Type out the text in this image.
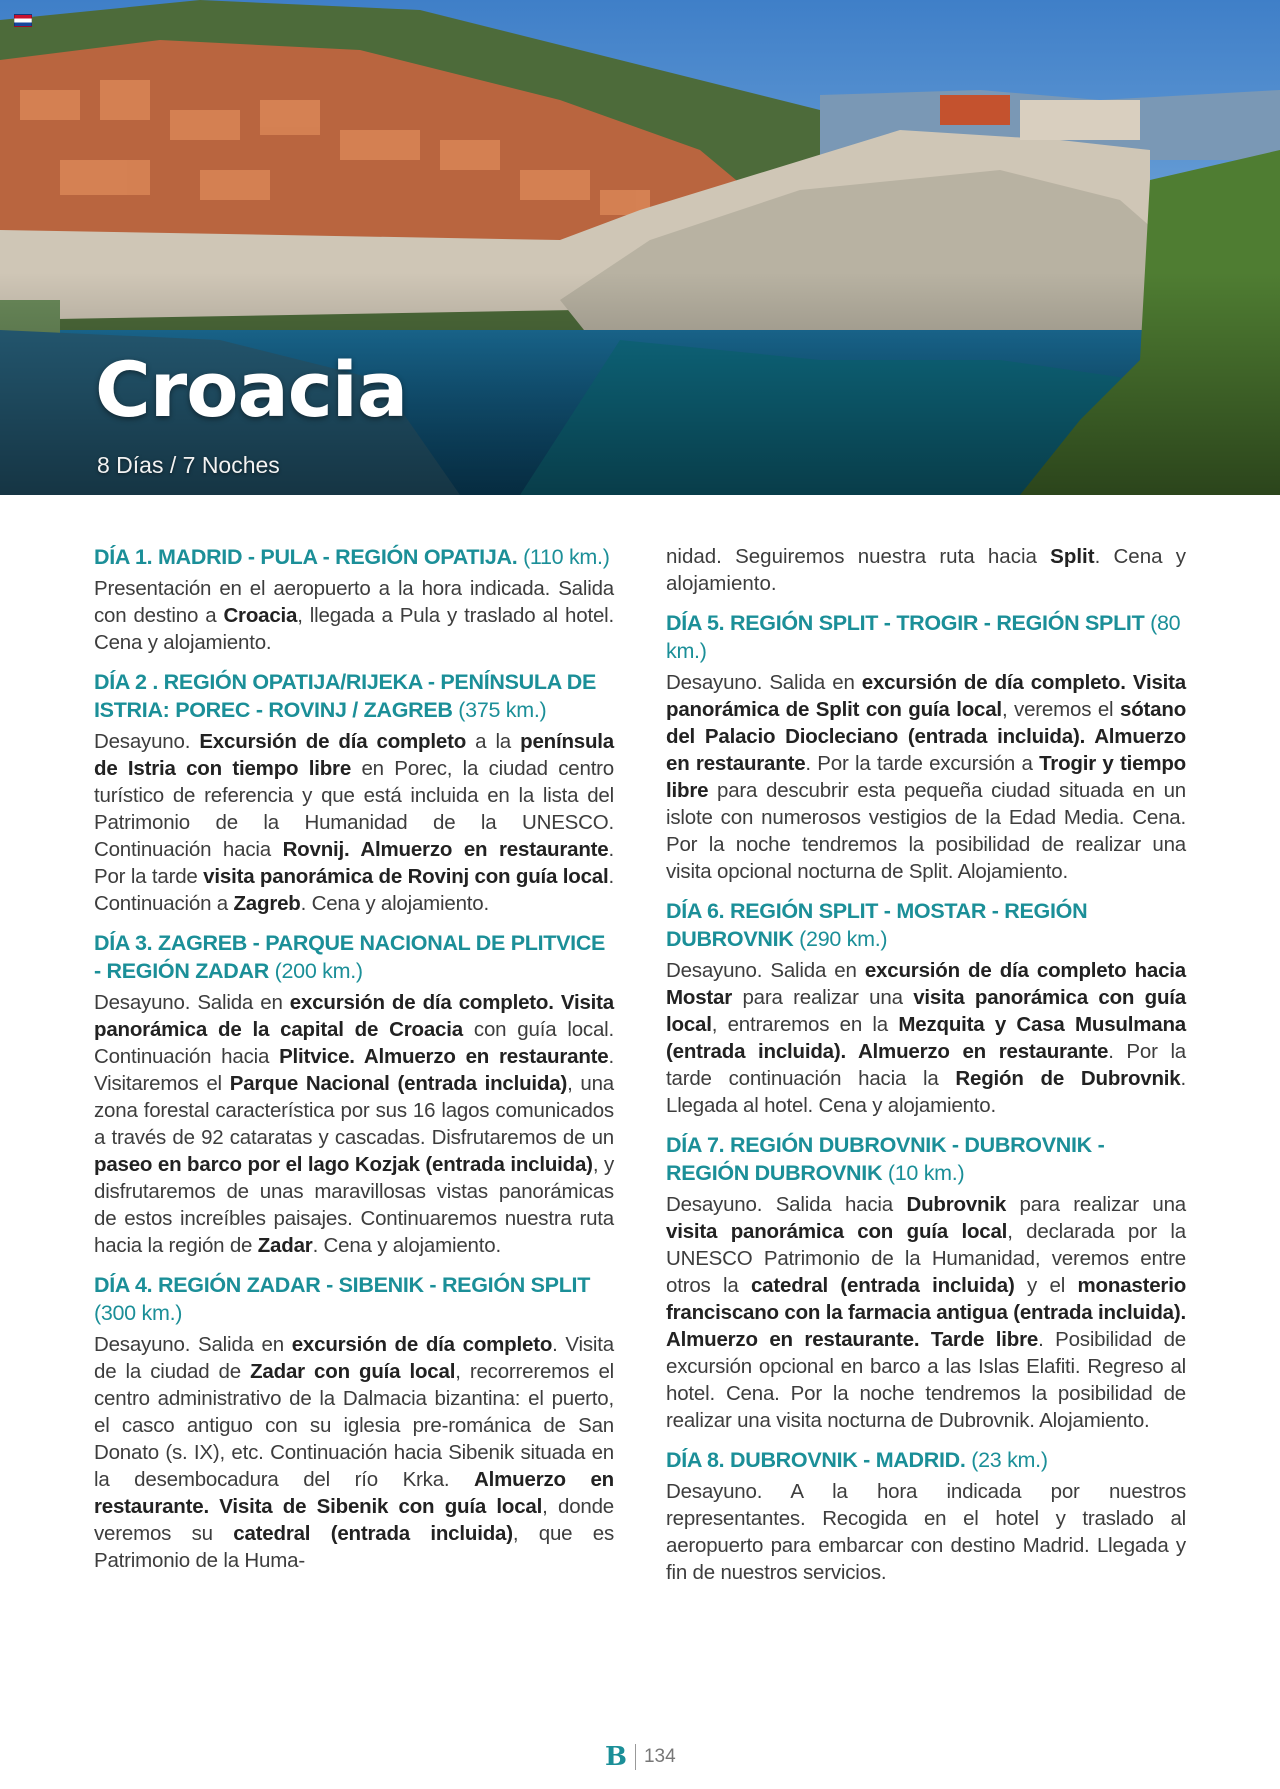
Croacia
8 Días / 7 Noches
DÍA 1. MADRID - PULA - REGIÓN OPATIJA. (110 km.)

Presentación en el aeropuerto a la hora indicada. Salida con destino a Croacia, llegada a Pula y traslado al hotel. Cena y alojamiento.

DÍA 2 . REGIÓN OPATIJA/RIJEKA - PENÍNSULA DE ISTRIA: POREC - ROVINJ / ZAGREB (375 km.)

Desayuno. Excursión de día completo a la península de Istria con tiempo libre en Porec, la ciudad centro turístico de referencia y que está incluida en la lista del Patrimonio de la Humanidad de la UNESCO. Continuación hacia Rovnij. Almuerzo en restaurante. Por la tarde visita panorámica de Rovinj con guía local. Continuación a Zagreb. Cena y alojamiento.

DÍA 3. ZAGREB - PARQUE NACIONAL DE PLITVICE - REGIÓN ZADAR (200 km.)

Desayuno. Salida en excursión de día completo. Visita panorámica de la capital de Croacia con guía local. Continuación hacia Plitvice. Almuerzo en restaurante. Visitaremos el Parque Nacional (entrada incluida), una zona forestal característica por sus 16 lagos comunicados a través de 92 cataratas y cascadas. Disfrutaremos de un paseo en barco por el lago Kozjak (entrada incluida), y disfrutaremos de unas maravillosas vistas panorámicas de estos increíbles paisajes. Continuaremos nuestra ruta hacia la región de Zadar. Cena y alojamiento.

DÍA 4. REGIÓN ZADAR - SIBENIK - REGIÓN SPLIT (300 km.)

Desayuno. Salida en excursión de día completo. Visita de la ciudad de Zadar con guía local, recorreremos el centro administrativo de la Dalmacia bizantina: el puerto, el casco antiguo con su iglesia pre-románica de San Donato (s. IX), etc. Continuación hacia Sibenik situada en la desembocadura del río Krka. Almuerzo en restaurante. Visita de Sibenik con guía local, donde veremos su catedral (entrada incluida), que es Patrimonio de la Huma-

nidad. Seguiremos nuestra ruta hacia Split. Cena y alojamiento.

DÍA 5. REGIÓN SPLIT - TROGIR - REGIÓN SPLIT (80 km.)

Desayuno. Salida en excursión de día completo. Visita panorámica de Split con guía local, veremos el sótano del Palacio Diocleciano (entrada incluida). Almuerzo en restaurante. Por la tarde excursión a Trogir y tiempo libre para descubrir esta pequeña ciudad situada en un islote con numerosos vestigios de la Edad Media. Cena. Por la noche tendremos la posibilidad de realizar una visita opcional nocturna de Split. Alojamiento.

DÍA 6. REGIÓN SPLIT - MOSTAR - REGIÓN DUBROVNIK (290 km.)

Desayuno. Salida en excursión de día completo hacia Mostar para realizar una visita panorámica con guía local, entraremos en la Mezquita y Casa Musulmana (entrada incluida). Almuerzo en restaurante. Por la tarde continuación hacia la Región de Dubrovnik. Llegada al hotel. Cena y alojamiento.

DÍA 7. REGIÓN DUBROVNIK - DUBROVNIK - REGIÓN DUBROVNIK (10 km.)

Desayuno. Salida hacia Dubrovnik para realizar una visita panorámica con guía local, declarada por la UNESCO Patrimonio de la Humanidad, veremos entre otros la catedral (entrada incluida) y el monasterio franciscano con la farmacia antigua (entrada incluida). Almuerzo en restaurante. Tarde libre. Posibilidad de excursión opcional en barco a las Islas Elafiti. Regreso al hotel. Cena. Por la noche tendremos la posibilidad de realizar una visita nocturna de Dubrovnik. Alojamiento.

DÍA 8. DUBROVNIK - MADRID. (23 km.)

Desayuno. A la hora indicada por nuestros representantes. Recogida en el hotel y traslado al aeropuerto para embarcar con destino Madrid. Llegada y fin de nuestros servicios.

B 134
